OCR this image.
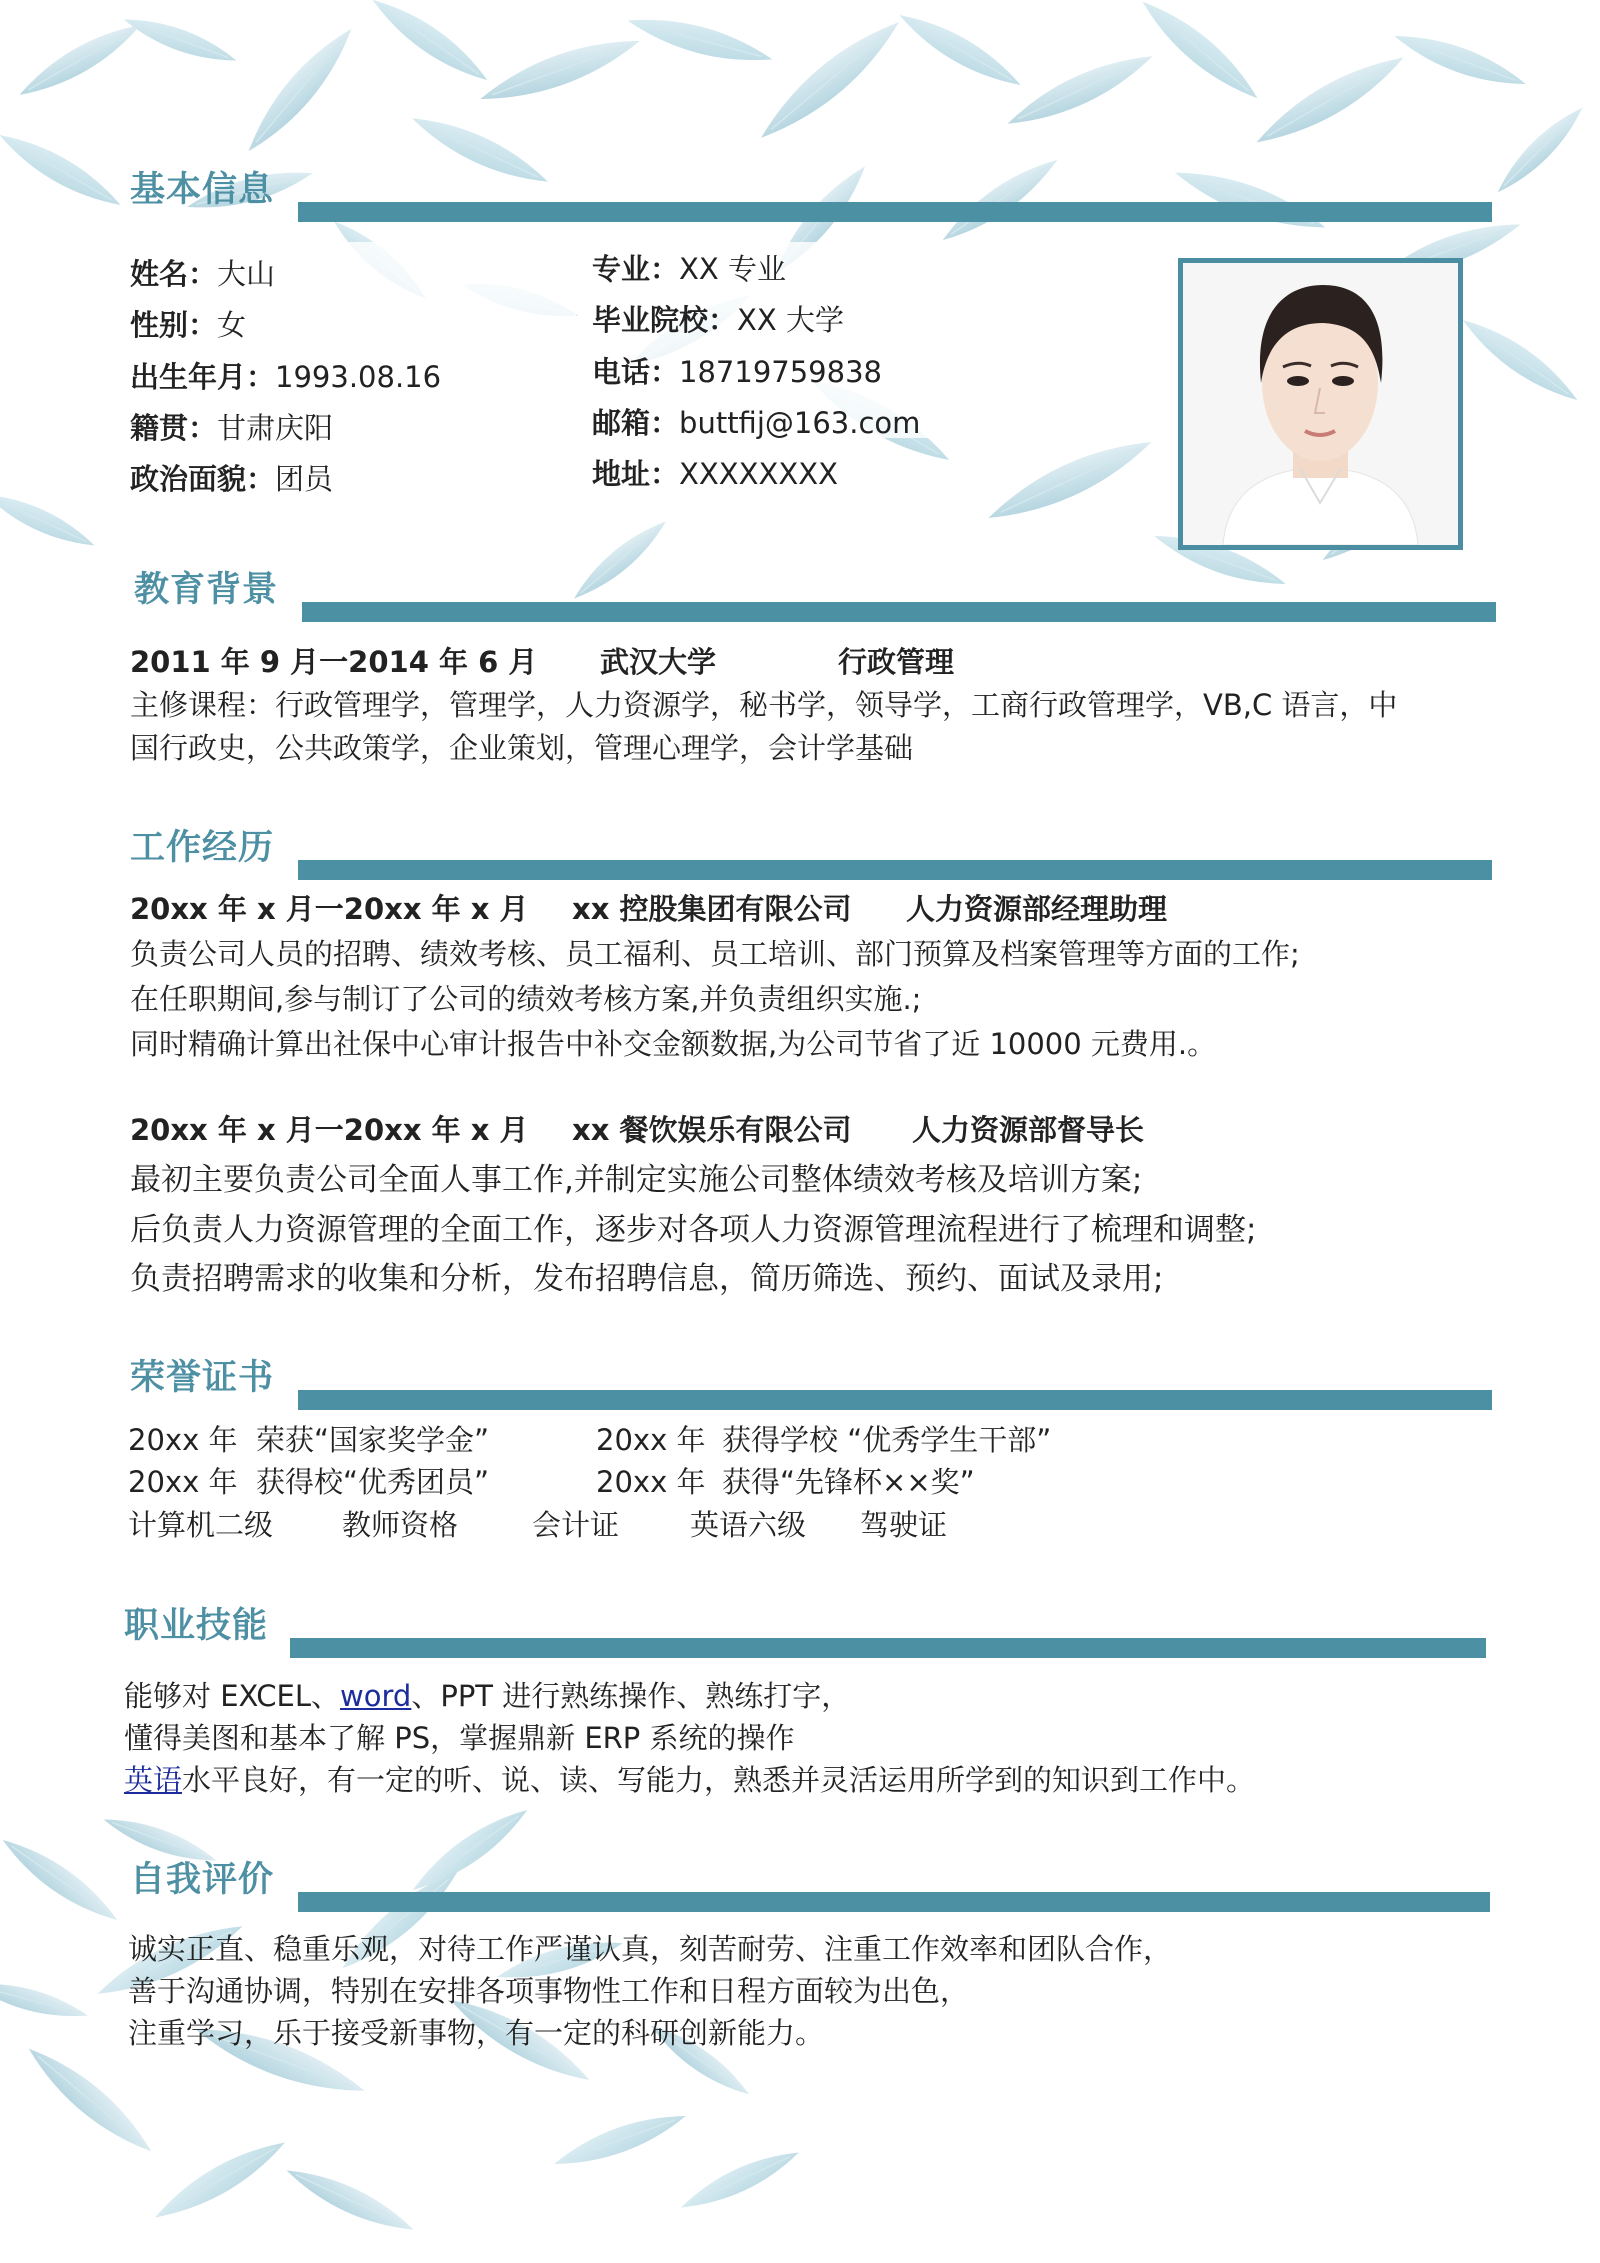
基本信息
姓名：大山
性别：女
出生年月：1993.08.16
籍贯：甘肃庆阳
政治面貌：团员
专业：XX 专业
毕业院校：XX 大学
电话：18719759838
邮箱：buttfij@163.com
地址：XXXXXXXX
教育背景
2011 年 9 月一2014 年 6 月 武汉大学	行政管理
主修课程：行政管理学，管理学，人力资源学，秘书学，领导学，工商行政管理学，VB,C 语言，中
国行政史，公共政策学，企业策划，管理心理学，会计学基础
工作经历
20xx 年 x 月一20xx 年 x 月 xx 控股集团有限公司 人力资源部经理助理
负责公司人员的招聘、绩效考核、员工福利、员工培训、部门预算及档案管理等方面的工作;
在任职期间,参与制订了公司的绩效考核方案,并负责组织实施.;
同时精确计算出社保中心审计报告中补交金额数据,为公司节省了近 10000 元费用.。
20xx 年 x 月一20xx 年 x 月 xx 餐饮娱乐有限公司 人力资源部督导长
最初主要负责公司全面人事工作,并制定实施公司整体绩效考核及培训方案;
后负责人力资源管理的全面工作，逐步对各项人力资源管理流程进行了梳理和调整;
负责招聘需求的收集和分析，发布招聘信息，简历筛选、预约、面试及录用;
荣誉证书
20xx 年 荣获“国家奖学金”	20xx 年 获得学校 “优秀学生干部”
20xx 年 获得校“优秀团员”	20xx 年 获得“先锋杯××奖”
计算机二级 教师资格	会计证 英语六级 驾驶证
职业技能
能够对 EXCEL、word、PPT 进行熟练操作、熟练打字，
懂得美图和基本了解 PS，掌握鼎新 ERP 系统的操作
英语水平良好，有一定的听、说、读、写能力，熟悉并灵活运用所学到的知识到工作中。
自我评价
诚实正直、稳重乐观，对待工作严谨认真，刻苦耐劳、注重工作效率和团队合作，
善于沟通协调，特别在安排各项事物性工作和日程方面较为出色，
注重学习，乐于接受新事物，有一定的科研创新能力。
